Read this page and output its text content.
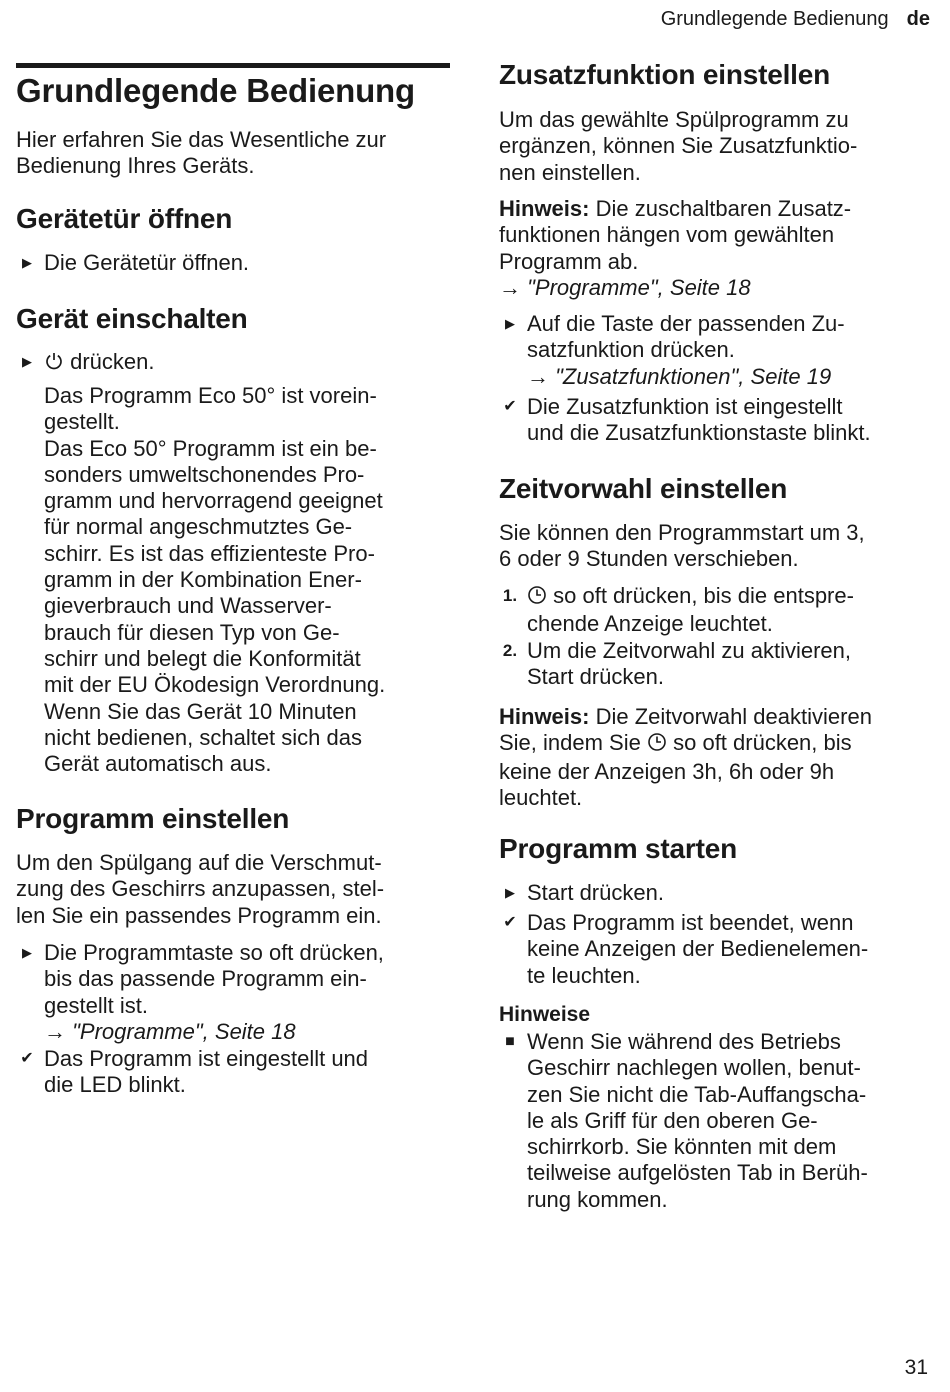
Grundlegende Bedienung de
Grundlegende Bedienung

Hier erfahren Sie das Wesentliche zur
Bedienung Ihres Geräts.

Gerätetür öffnen
▶ Die Gerätetür öffnen.
Gerät einschalten
▶ drücken.

Das Programm Eco 50° ist vorein-
gestellt.
Das Eco 50° Programm ist ein be-
sonders umweltschonendes Pro-
gramm und hervorragend geeignet
für normal angeschmutztes Ge-
schirr. Es ist das effizienteste Pro-
gramm in der Kombination Ener-
gieverbrauch und Wasserver-
brauch für diesen Typ von Ge-
schirr und belegt die Konformität
mit der EU Ökodesign Verordnung.
Wenn Sie das Gerät 10 Minuten
nicht bedienen, schaltet sich das
Gerät automatisch aus.

Programm einstellen

Um den Spülgang auf die Verschmut-
zung des Geschirrs anzupassen, stel-
len Sie ein passendes Programm ein.

▶ Die Programmtaste so oft drücken,
bis das passende Programm ein-
gestellt ist.
→ "Programme", Seite 18
✔ Das Programm ist eingestellt und
die LED blinkt.
Zusatzfunktion einstellen

Um das gewählte Spülprogramm zu
ergänzen, können Sie Zusatzfunktio-
nen einstellen.

Hinweis: Die zuschaltbaren Zusatz-
funktionen hängen vom gewählten
Programm ab.
→ "Programme", Seite 18

▶ Auf die Taste der passenden Zu-
satzfunktion drücken.
→ "Zusatzfunktionen", Seite 19
✔ Die Zusatzfunktion ist eingestellt
und die Zusatzfunktionstaste blinkt.
Zeitvorwahl einstellen

Sie können den Programmstart um 3,
6 oder 9 Stunden verschieben.

1. so oft drücken, bis die entspre-
chende Anzeige leuchtet.
2. Um die Zeitvorwahl zu aktivieren,
Start drücken.

Hinweis: Die Zeitvorwahl deaktivieren
Sie, indem Sie so oft drücken, bis
keine der Anzeigen 3h, 6h oder 9h
leuchtet.

Programm starten
▶ Start drücken.
✔ Das Programm ist beendet, wenn
keine Anzeigen der Bedienelemen-
te leuchten.
Hinweise
■ Wenn Sie während des Betriebs
Geschirr nachlegen wollen, benut-
zen Sie nicht die Tab-Auffangscha-
le als Griff für den oberen Ge-
schirrkorb. Sie könnten mit dem
teilweise aufgelösten Tab in Berüh-
rung kommen.
31
